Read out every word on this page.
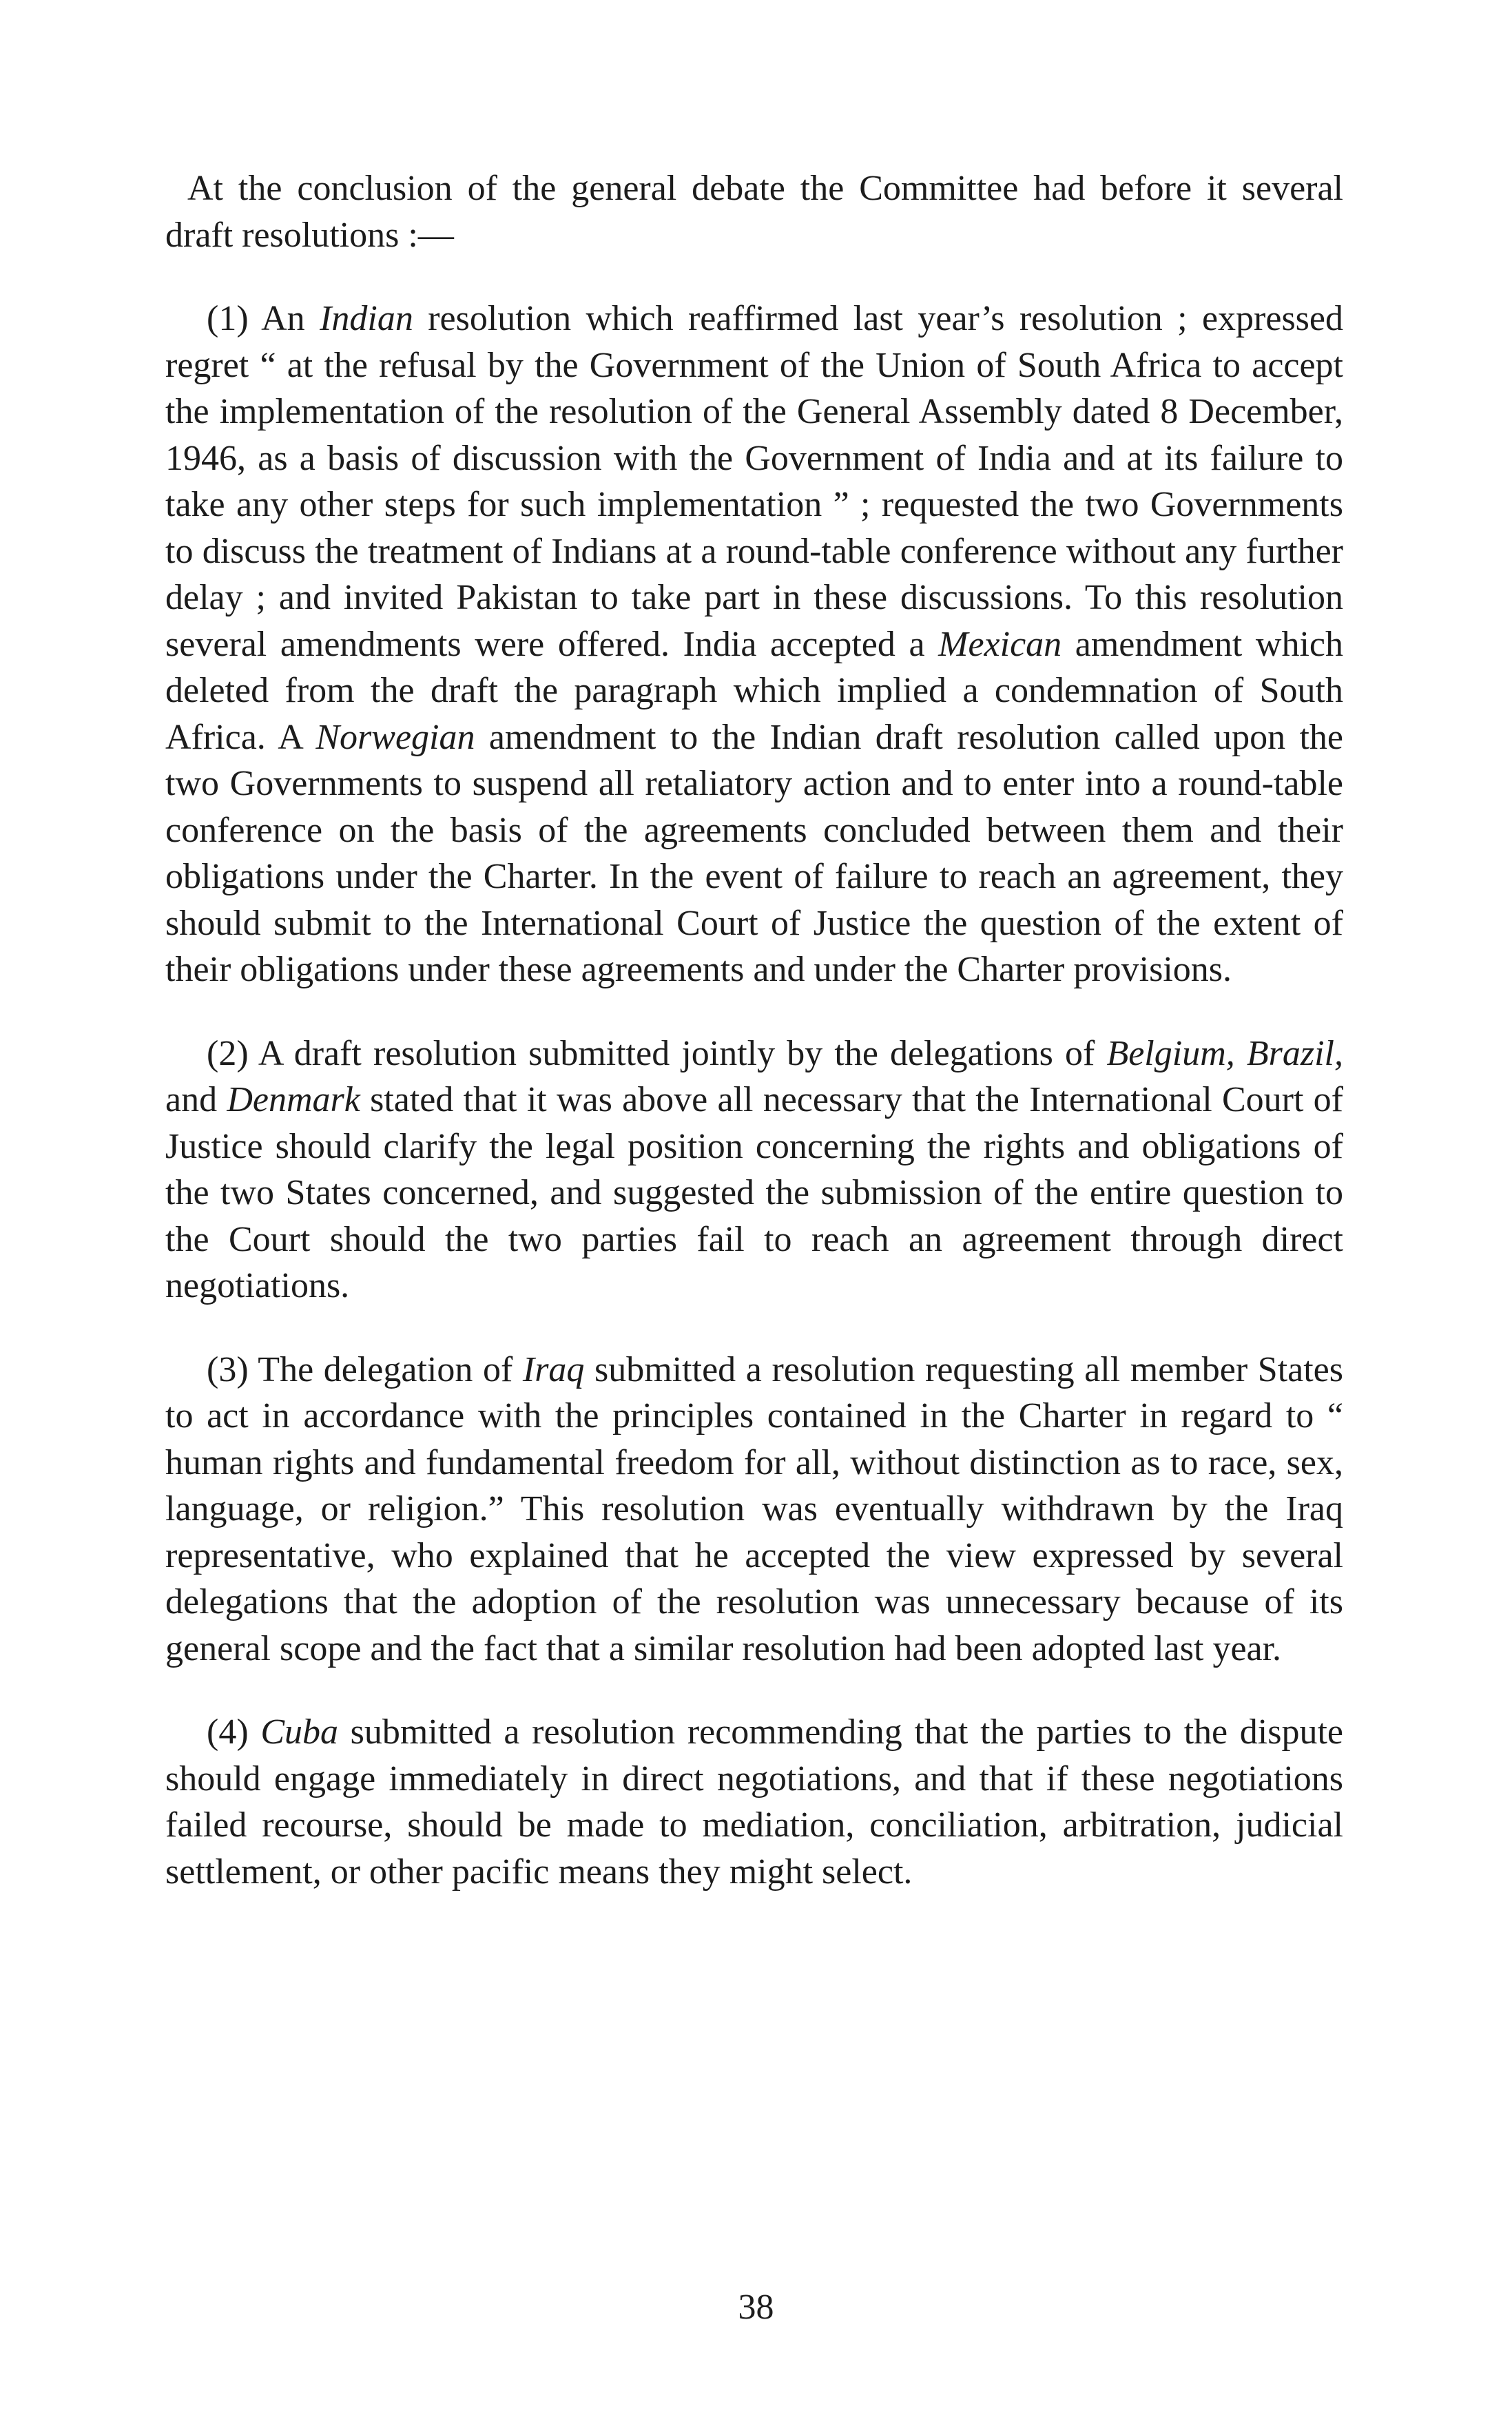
At the conclusion of the general debate the Committee had before it several draft resolutions :—

(1) An Indian resolution which reaffirmed last year’s resolution ; expressed regret “ at the refusal by the Government of the Union of South Africa to accept the implementation of the resolution of the General Assembly dated 8 December, 1946, as a basis of discussion with the Government of India and at its failure to take any other steps for such implementation ” ; requested the two Governments to discuss the treatment of Indians at a round-table conference without any further delay ; and invited Pakistan to take part in these discussions. To this resolution several amendments were offered. India accepted a Mexican amendment which deleted from the draft the paragraph which implied a condemnation of South Africa. A Norwegian amendment to the Indian draft resolution called upon the two Governments to suspend all retaliatory action and to enter into a round-table conference on the basis of the agreements concluded between them and their obligations under the Charter. In the event of failure to reach an agreement, they should submit to the International Court of Justice the question of the extent of their obligations under these agreements and under the Charter provisions.

(2) A draft resolution submitted jointly by the delegations of Belgium, Brazil, and Denmark stated that it was above all necessary that the International Court of Justice should clarify the legal position concerning the rights and obligations of the two States concerned, and suggested the submission of the entire question to the Court should the two parties fail to reach an agreement through direct negotiations.

(3) The delegation of Iraq submitted a resolution requesting all member States to act in accordance with the principles contained in the Charter in regard to “ human rights and fundamental freedom for all, without distinction as to race, sex, language, or religion.” This resolution was eventually withdrawn by the Iraq representative, who explained that he accepted the view expressed by several delegations that the adoption of the resolution was unnecessary because of its general scope and the fact that a similar resolution had been adopted last year.

(4) Cuba submitted a resolution recommending that the parties to the dispute should engage immediately in direct negotiations, and that if these negotiations failed recourse, should be made to mediation, conciliation, arbitration, judicial settlement, or other pacific means they might select.

38
